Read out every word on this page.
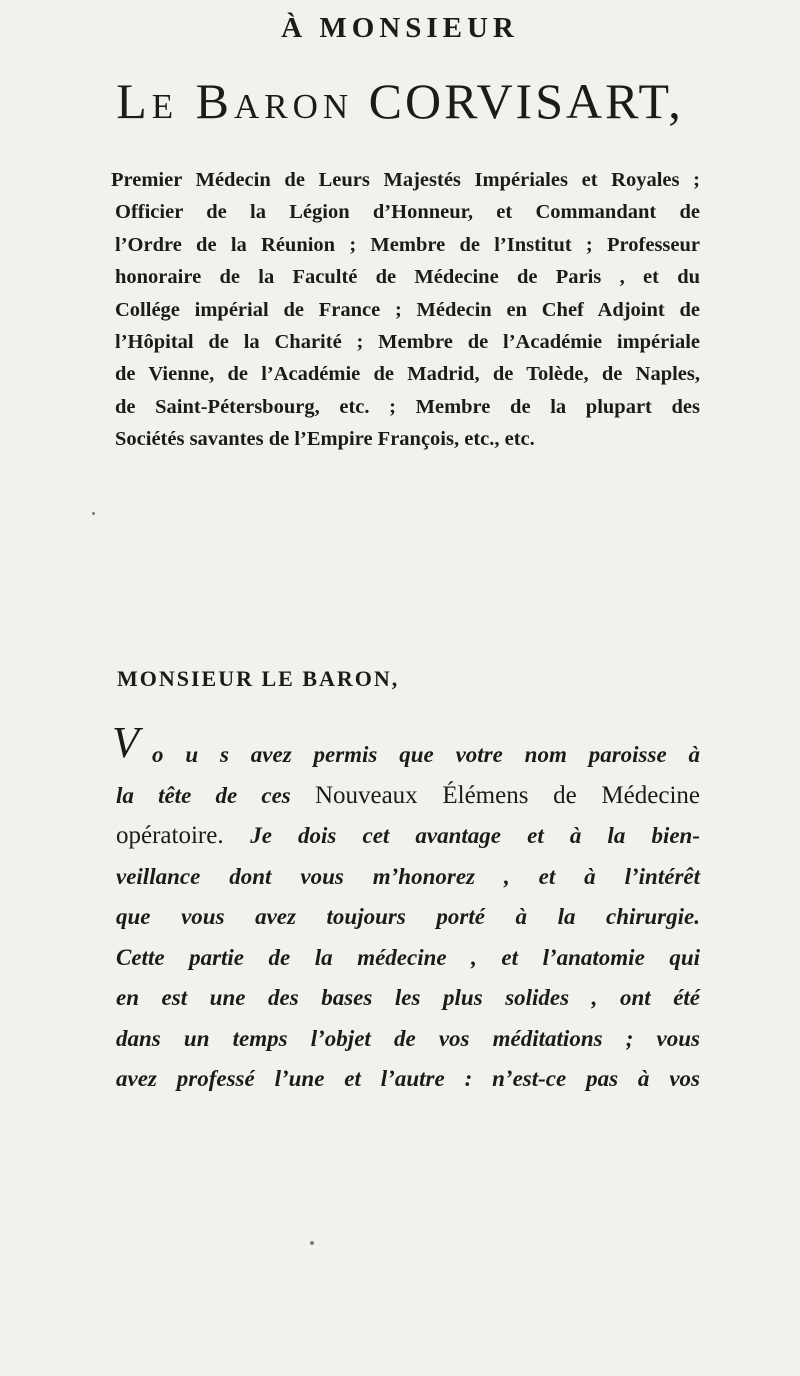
À MONSIEUR
Le Baron CORVISART,
Premier Médecin de Leurs Majestés Impériales et Royales ;
Officier de la Légion d’Honneur, et Commandant de
l’Ordre de la Réunion ; Membre de l’Institut ; Professeur
honoraire de la Faculté de Médecine de Paris , et du
Collége impérial de France ; Médecin en Chef Adjoint de
l’Hôpital de la Charité ; Membre de l’Académie impériale
de Vienne, de l’Académie de Madrid, de Tolède, de Naples,
de Saint-Pétersbourg, etc. ; Membre de la plupart des
Sociétés savantes de l’Empire François, etc., etc.
MONSIEUR LE BARON,
V o u s avez permis que votre nom paroisse à
la tête de ces Nouveaux Élémens de Médecine
opératoire. Je dois cet avantage et à la bien-
veillance dont vous m’honorez , et à l’intérêt
que vous avez toujours porté à la chirurgie.
Cette partie de la médecine , et l’anatomie qui
en est une des bases les plus solides , ont été
dans un temps l’objet de vos méditations ; vous
avez professé l’une et l’autre : n’est-ce pas à vos
